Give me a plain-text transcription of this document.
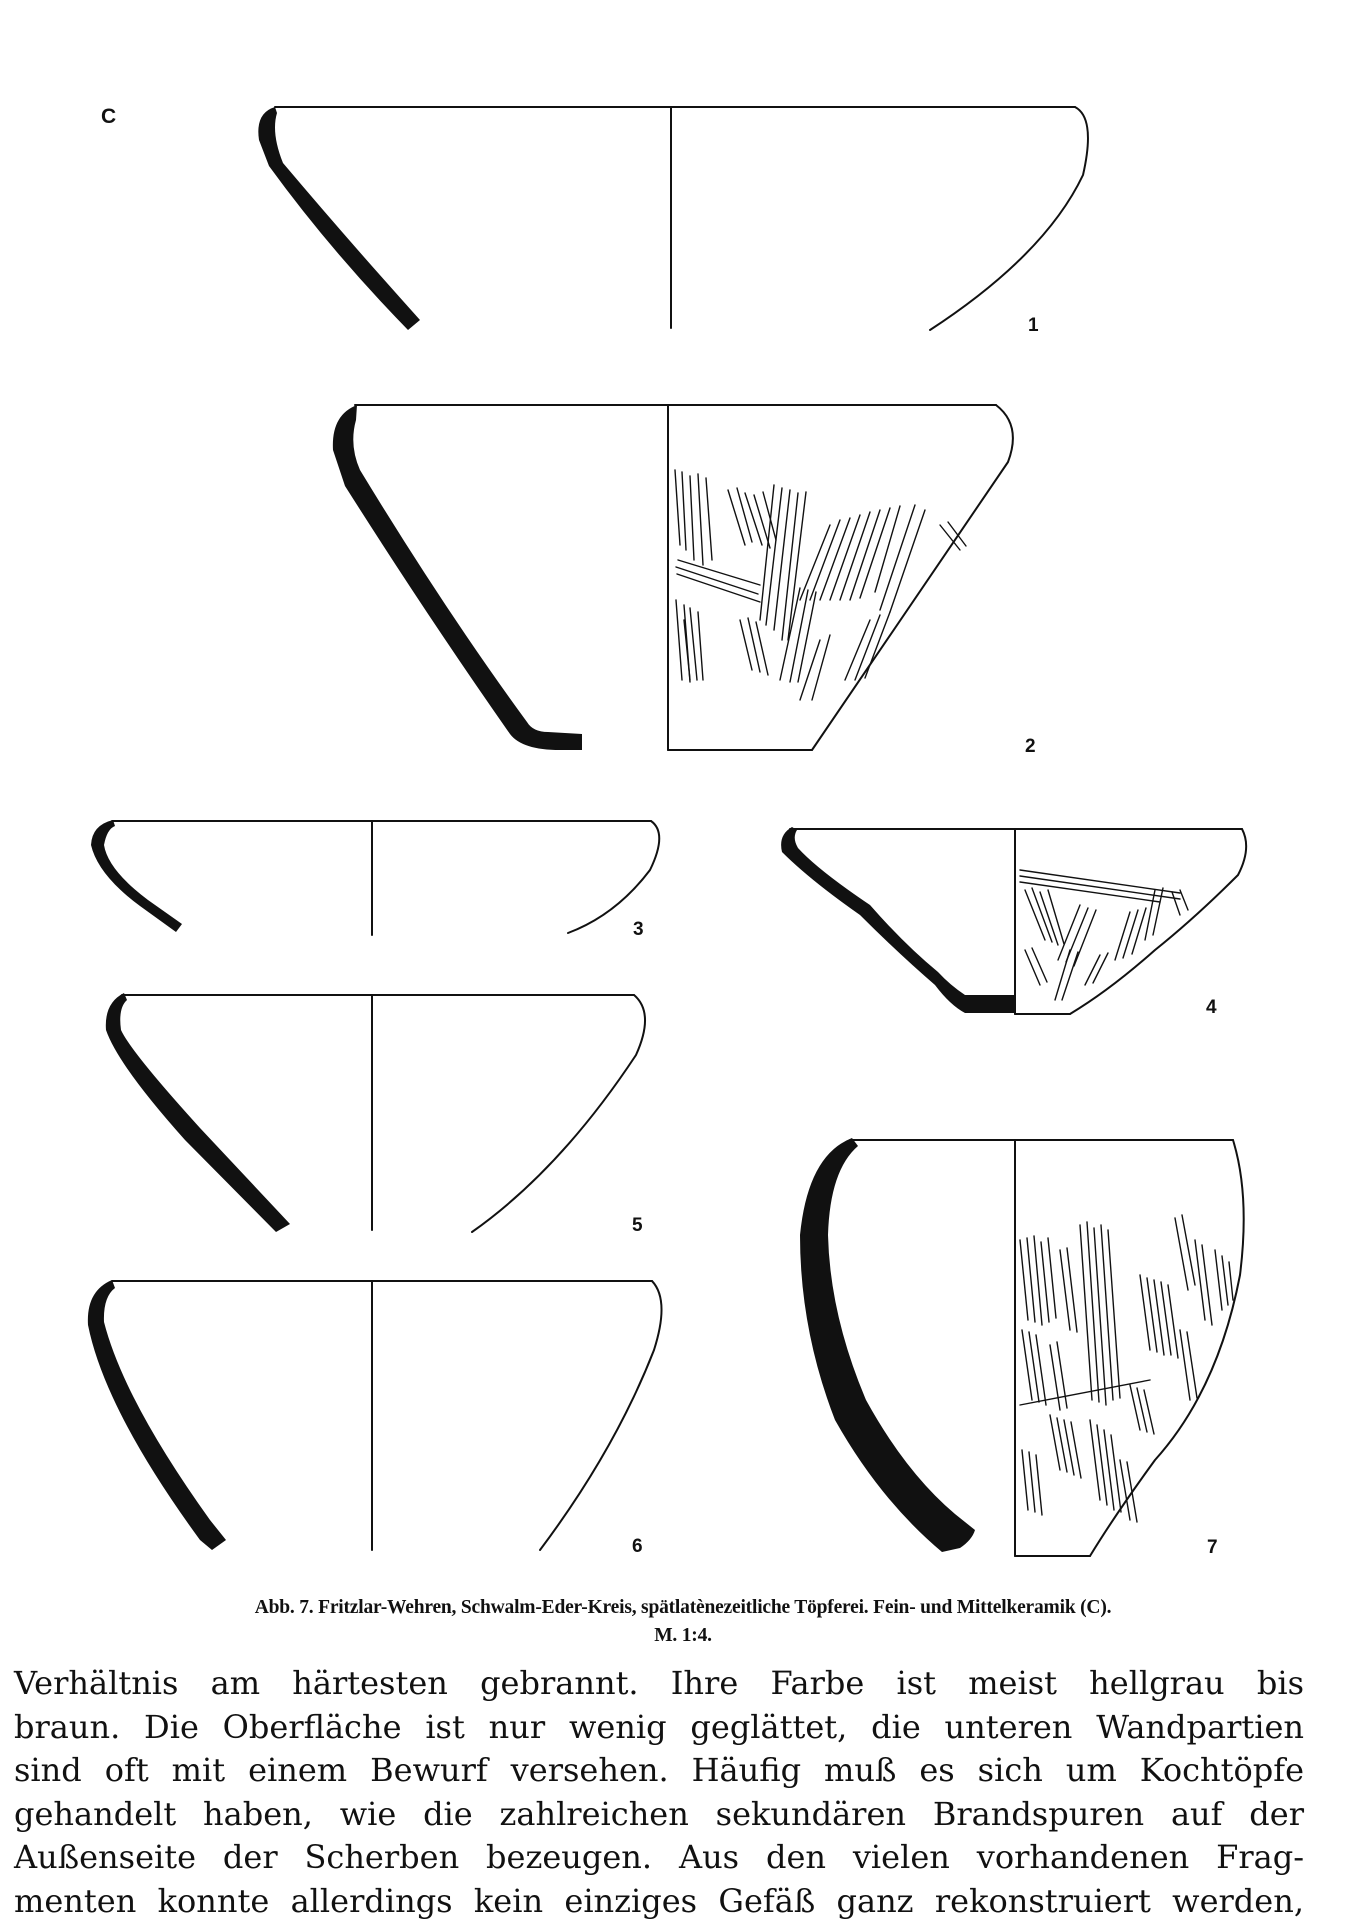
C
1
2
3
4
5
6	7
Abb. 7. Fritzlar-Wehren, Schwalm-Eder-Kreis, spätlatènezeitliche Töpferei. Fein- und Mittelkeramik (C).
M. 1:4.
Verhältnis am härtesten gebrannt. Ihre Farbe ist meist hellgrau bis
braun. Die Oberfläche ist nur wenig geglättet, die unteren Wandpartien
sind oft mit einem Bewurf versehen. Häufig muß es sich um Kochtöpfe
gehandelt haben, wie die zahlreichen sekundären Brandspuren auf der
Außenseite der Scherben bezeugen. Aus den vielen vorhandenen Frag-
menten konnte allerdings kein einziges Gefäß ganz rekonstruiert werden,
